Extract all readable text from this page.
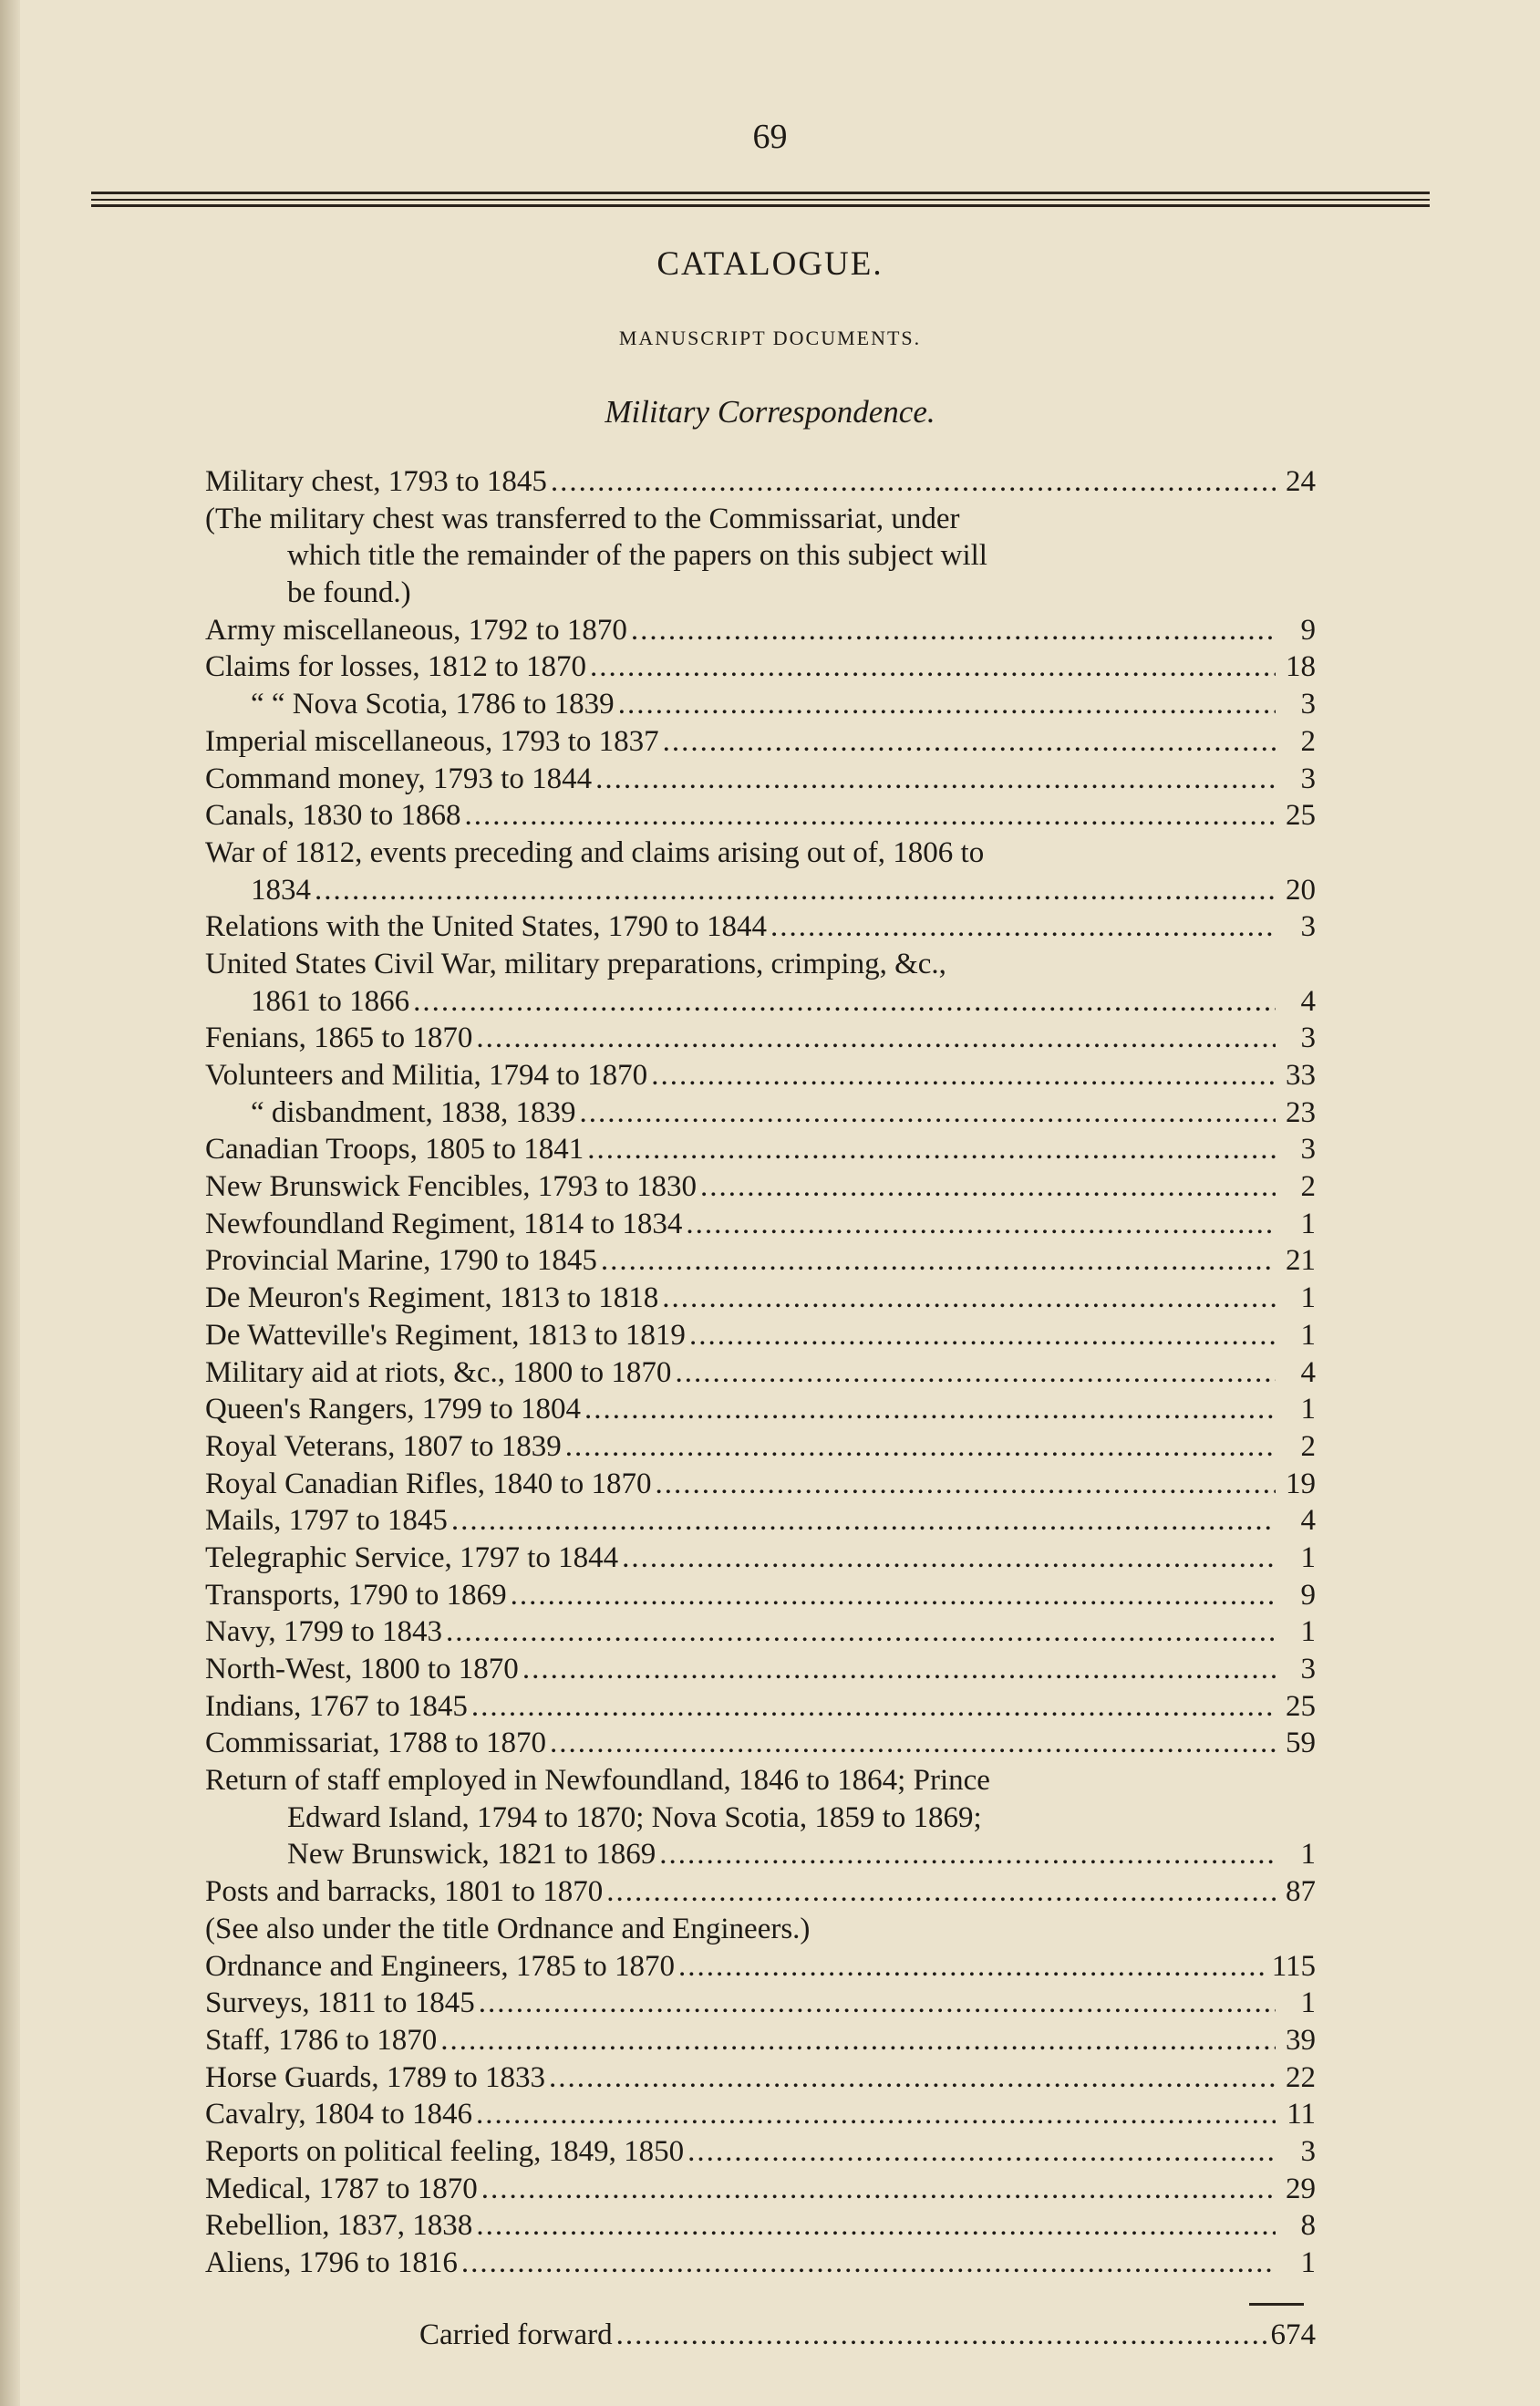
69
CATALOGUE.
MANUSCRIPT DOCUMENTS.
Military Correspondence.
Military chest, 1793 to 1845 .....	24
(The military chest was transferred to the Commissariat, under
which title the remainder of the papers on this subject will
be found.)
Army miscellaneous, 1792 to 1870 .....	9
Claims for losses, 1812 to 1870 .....	18
“ “ Nova Scotia, 1786 to 1839 .....	3
Imperial miscellaneous, 1793 to 1837 .....	2
Command money, 1793 to 1844 .....	3
Canals, 1830 to 1868 .....	25
War of 1812, events preceding and claims arising out of, 1806 to
1834 .....	20
Relations with the United States, 1790 to 1844 .....	3
United States Civil War, military preparations, crimping, &c.,
1861 to 1866 .....	4
Fenians, 1865 to 1870 .....	3
Volunteers and Militia, 1794 to 1870 .....	33
“ disbandment, 1838, 1839 .....	23
Canadian Troops, 1805 to 1841 .....	3
New Brunswick Fencibles, 1793 to 1830 .....	2
Newfoundland Regiment, 1814 to 1834 .....	1
Provincial Marine, 1790 to 1845 .....	21
De Meuron's Regiment, 1813 to 1818 .....	1
De Watteville's Regiment, 1813 to 1819 .....	1
Military aid at riots, &c., 1800 to 1870 .....	4
Queen's Rangers, 1799 to 1804 .....	1
Royal Veterans, 1807 to 1839 .....	2
Royal Canadian Rifles, 1840 to 1870 .....	19
Mails, 1797 to 1845 .....	4
Telegraphic Service, 1797 to 1844 .....	1
Transports, 1790 to 1869 .....	9
Navy, 1799 to 1843 .....	1
North-West, 1800 to 1870 .....	3
Indians, 1767 to 1845 .....	25
Commissariat, 1788 to 1870 .....	59
Return of staff employed in Newfoundland, 1846 to 1864; Prince
Edward Island, 1794 to 1870; Nova Scotia, 1859 to 1869;
New Brunswick, 1821 to 1869 .....	1
Posts and barracks, 1801 to 1870 .....	87
(See also under the title Ordnance and Engineers.)
Ordnance and Engineers, 1785 to 1870 .....	115
Surveys, 1811 to 1845 .....	1
Staff, 1786 to 1870 .....	39
Horse Guards, 1789 to 1833 .....	22
Cavalry, 1804 to 1846 .....	11
Reports on political feeling, 1849, 1850 .....	3
Medical, 1787 to 1870 .....	29
Rebellion, 1837, 1838 .....	8
Aliens, 1796 to 1816 .....	1
Carried forward .....	674
